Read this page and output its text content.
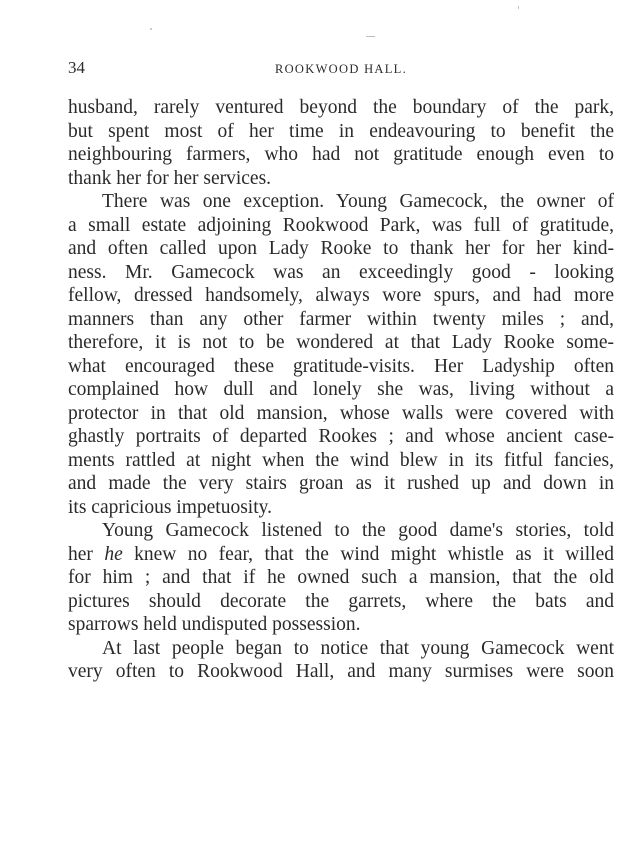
34	ROOKWOOD HALL.
husband, rarely ventured beyond the boundary of the park,
but spent most of her time in endeavouring to benefit the
neighbouring farmers, who had not gratitude enough even to
thank her for her services.
There was one exception. Young Gamecock, the owner of
a small estate adjoining Rookwood Park, was full of gratitude,
and often called upon Lady Rooke to thank her for her kind-
ness. Mr. Gamecock was an exceedingly good - looking
fellow, dressed handsomely, always wore spurs, and had more
manners than any other farmer within twenty miles ; and,
therefore, it is not to be wondered at that Lady Rooke some-
what encouraged these gratitude-visits. Her Ladyship often
complained how dull and lonely she was, living without a
protector in that old mansion, whose walls were covered with
ghastly portraits of departed Rookes ; and whose ancient case-
ments rattled at night when the wind blew in its fitful fancies,
and made the very stairs groan as it rushed up and down in
its capricious impetuosity.
Young Gamecock listened to the good dame's stories, told
her he knew no fear, that the wind might whistle as it willed
for him ; and that if he owned such a mansion, that the old
pictures should decorate the garrets, where the bats and
sparrows held undisputed possession.
At last people began to notice that young Gamecock went
very often to Rookwood Hall, and many surmises were soon
